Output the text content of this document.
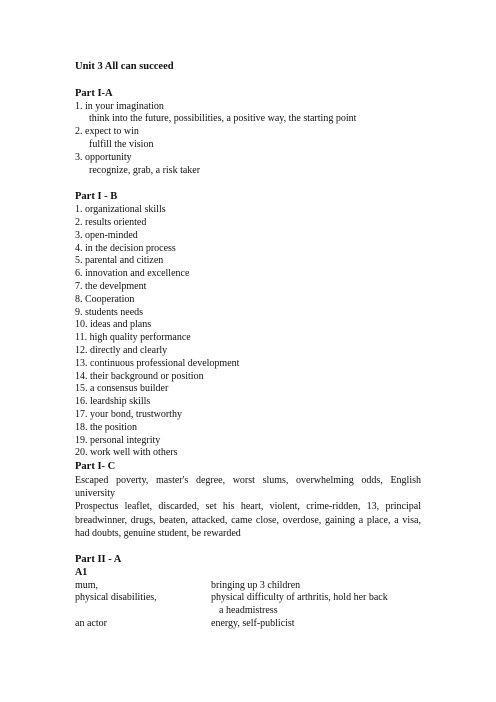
Unit 3 All can succeed
Part I-A
1. in your imagination
think into the future, possibilities, a positive way, the starting point
2. expect to win
fulfill the vision
3. opportunity
recognize, grab, a risk taker
Part I - B
1. organizational skills
2. results oriented
3. open-minded
4. in the decision process
5. parental and citizen
6. innovation and excellence
7. the develpment
8. Cooperation
9. students needs
10. ideas and plans
11. high quality performance
12. directly and clearly
13. continuous professional development
14. their background or position
15. a consensus builder
16. leardship skills
17. your bond, trustworthy
18. the position
19. personal integrity
20. work well with others
Part I- C
Escaped poverty, master's degree, worst slums, overwhelming odds, English university
Prospectus leaflet, discarded, set his heart, violent, crime-ridden, 13, principal breadwinner, drugs, beaten, attacked, came close, overdose, gaining a place, a visa, had doubts, genuine student, be rewarded
Part II - A
A1
mum,	bringing up 3 children
physical disabilities,	physical difficulty of arthritis, hold her back
a headmistress
an actor	energy, self-publicist
